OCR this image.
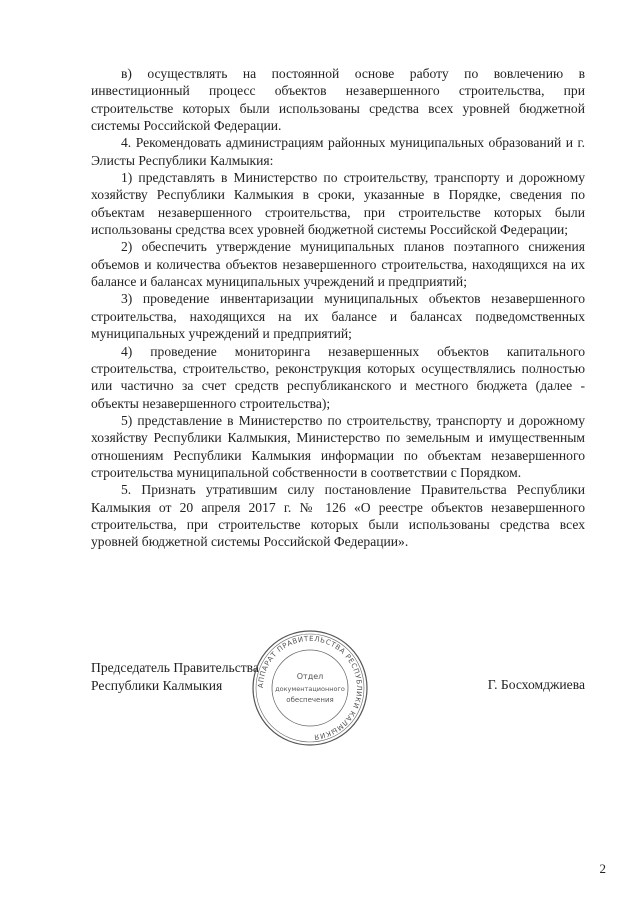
в) осуществлять на постоянной основе работу по вовлечению в инвестиционный процесс объектов незавершенного строительства, при строительстве которых были использованы средства всех уровней бюджетной системы Российской Федерации.

4. Рекомендовать администрациям районных муниципальных образований и г. Элисты Республики Калмыкия:

1) представлять в Министерство по строительству, транспорту и дорожному хозяйству Республики Калмыкия в сроки, указанные в Порядке, сведения по объектам незавершенного строительства, при строительстве которых были использованы средства всех уровней бюджетной системы Российской Федерации;

2) обеспечить утверждение муниципальных планов поэтапного снижения объемов и количества объектов незавершенного строительства, находящихся на их балансе и балансах муниципальных учреждений и предприятий;

3) проведение инвентаризации муниципальных объектов незавершенного строительства, находящихся на их балансе и балансах подведомственных муниципальных учреждений и предприятий;

4) проведение мониторинга незавершенных объектов капитального строительства, строительство, реконструкция которых осуществлялись полностью или частично за счет средств республиканского и местного бюджета (далее - объекты незавершенного строительства);

5) представление в Министерство по строительству, транспорту и дорожному хозяйству Республики Калмыкия, Министерство по земельным и имущественным отношениям Республики Калмыкия информации по объектам незавершенного строительства муниципальной собственности в соответствии с Порядком.

5. Признать утратившим силу постановление Правительства Республики Калмыкия от 20 апреля 2017 г. № 126 «О реестре объектов незавершенного строительства, при строительстве которых были использованы средства всех уровней бюджетной системы Российской Федерации».

Председатель Правительства
Республики Калмыкия	АППАРАТ ПРАВИТЕЛЬСТВА РЕСПУБЛИКИ КАЛМЫКИЯ
Отдел
документационного
обеспечения
Г. Босхомджиева
2
